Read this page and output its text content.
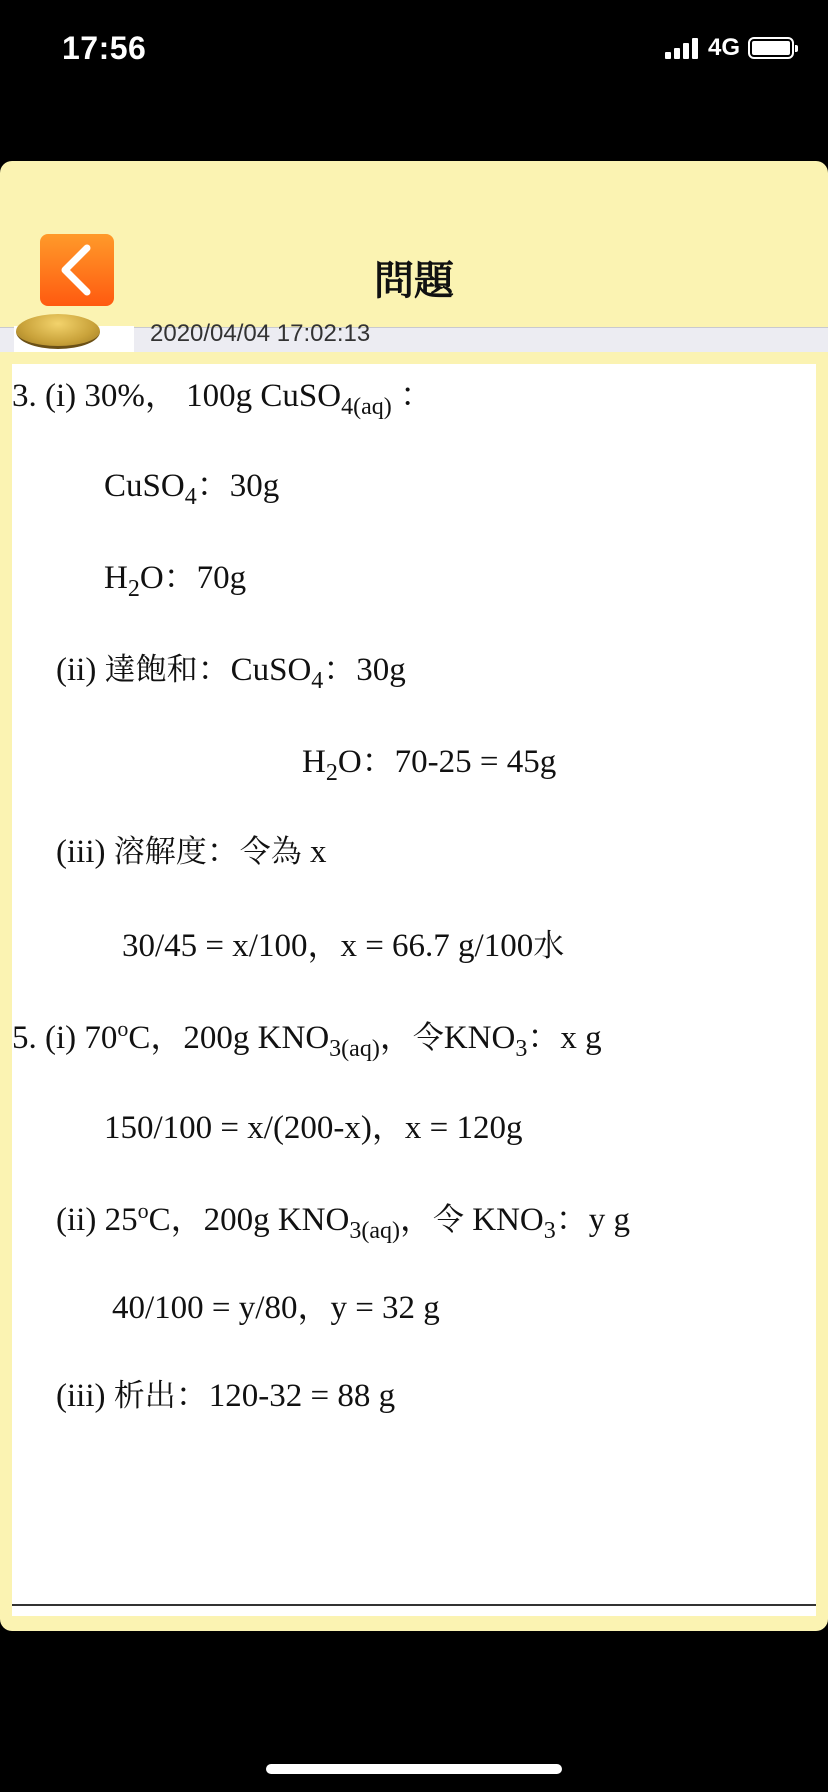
17:56	4G
問題
2020/04/04 17:02:13
3. (i) 30%， 100g CuSO$_{4(aq)}$ ：
CuSO$_4$：30g
$H_2O$：70g
(ii) 達飽和：CuSO$_4$：30g
$H_2O$：70-25 = 45g
(iii) 溶解度：令為 x
30/45 = x/100，x = 66.7 g/100水
5. (i) 70$^o$C，200g $KNO_{3(aq)}$，令$KNO_3$：x g
150/100 = x/(200-x)，x = 120g
(ii) 25$^o$C，200g $KNO_{3(aq)}$，令 $KNO_3$：y g
40/100 = y/80，y = 32 g
(iii) 析出：120-32 = 88 g
